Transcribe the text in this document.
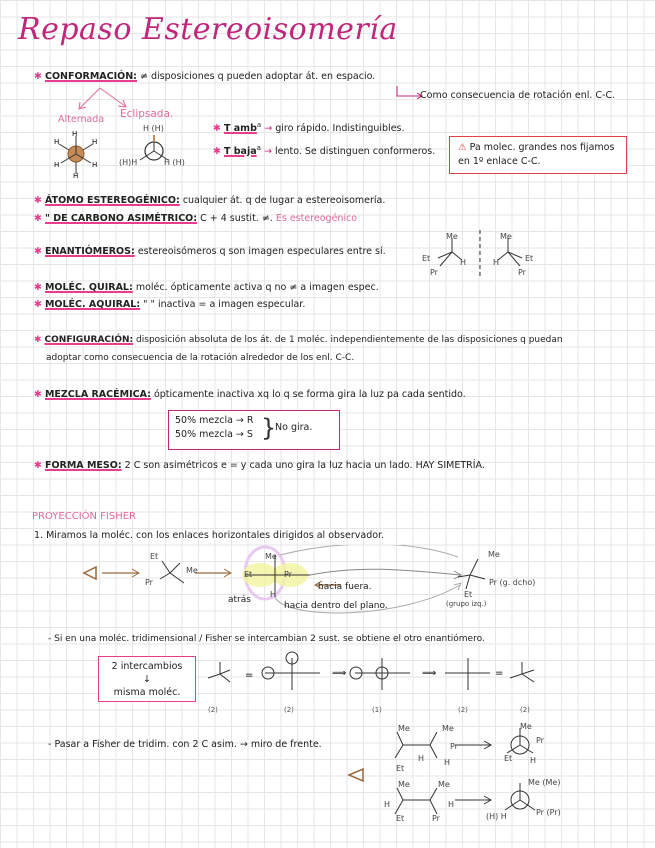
Repaso Estereoisomería
✱ CONFORMACIÓN: ≠ disposiciones q pueden adoptar át. en espacio.
Como consecuencia de rotación enl. C-C.
Alternada Eclipsada.
H
H	H
H	H
H
H (H)
(H)H	H (H)
✱ T amb$^a$ → giro rápido. Indistinguibles.
✱ T baja$^a$ → lento. Se distinguen conformeros.	⚠ Pa molec. grandes nos fijamos en 1º enlace C-C.
✱ ÁTOMO ESTEREOGÉNICO: cualquier át. q de lugar a estereoisomería.
✱ " DE CARBONO ASIMÉTRICO: C + 4 sustit. ≠. Es estereogénico
✱ ENANTIÓMEROS: estereoisómeros q son imagen especulares entre sí.
Me
Et	H
Pr
Me
Et
H
Pr
✱ MOLÉC. QUIRAL: moléc. ópticamente activa q no ≠ a imagen espec.
✱ MOLÉC. AQUIRAL: " " inactiva = a imagen especular.
✱ CONFIGURACIÓN: disposición absoluta de los át. de 1 moléc. independientemente de las disposiciones q puedan
adoptar como consecuencia de la rotación alrededor de los enl. C-C.
✱ MEZCLA RACÉMICA: ópticamente inactiva xq lo q se forma gira la luz pa cada sentido.
50% mezcla → R
50% mezcla → S }
No gira.
✱ FORMA MESO: 2 C son asimétricos e = y cada uno gira la luz hacia un lado. HAY SIMETRÍA.
PROYECCIÓN FISHER
1. Miramos la moléc. con los enlaces horizontales dirigidos al observador.
Et
Pr
Me
Me
Et	Pr
H
hacia fuera.
hacia dentro del plano.
atrás
Me
Et
Pr (g. dcho)
(grupo izq.)
- Si en una moléc. tridimensional / Fisher se intercambian 2 sust. se obtiene el otro enantiómero.
2 intercambios
↓
misma moléc.
=	⟹	⟹	=
(2)	(2)	(1)	(2)	(2)
- Pasar a Fisher de tridim. con 2 C asim. → miro de frente.
Me	Me
Pr
Et
H H
Me
Pr
Et H
Me	Me
Et	Pr
H	H
Me (Me)
Pr (Pr)
(H) H
